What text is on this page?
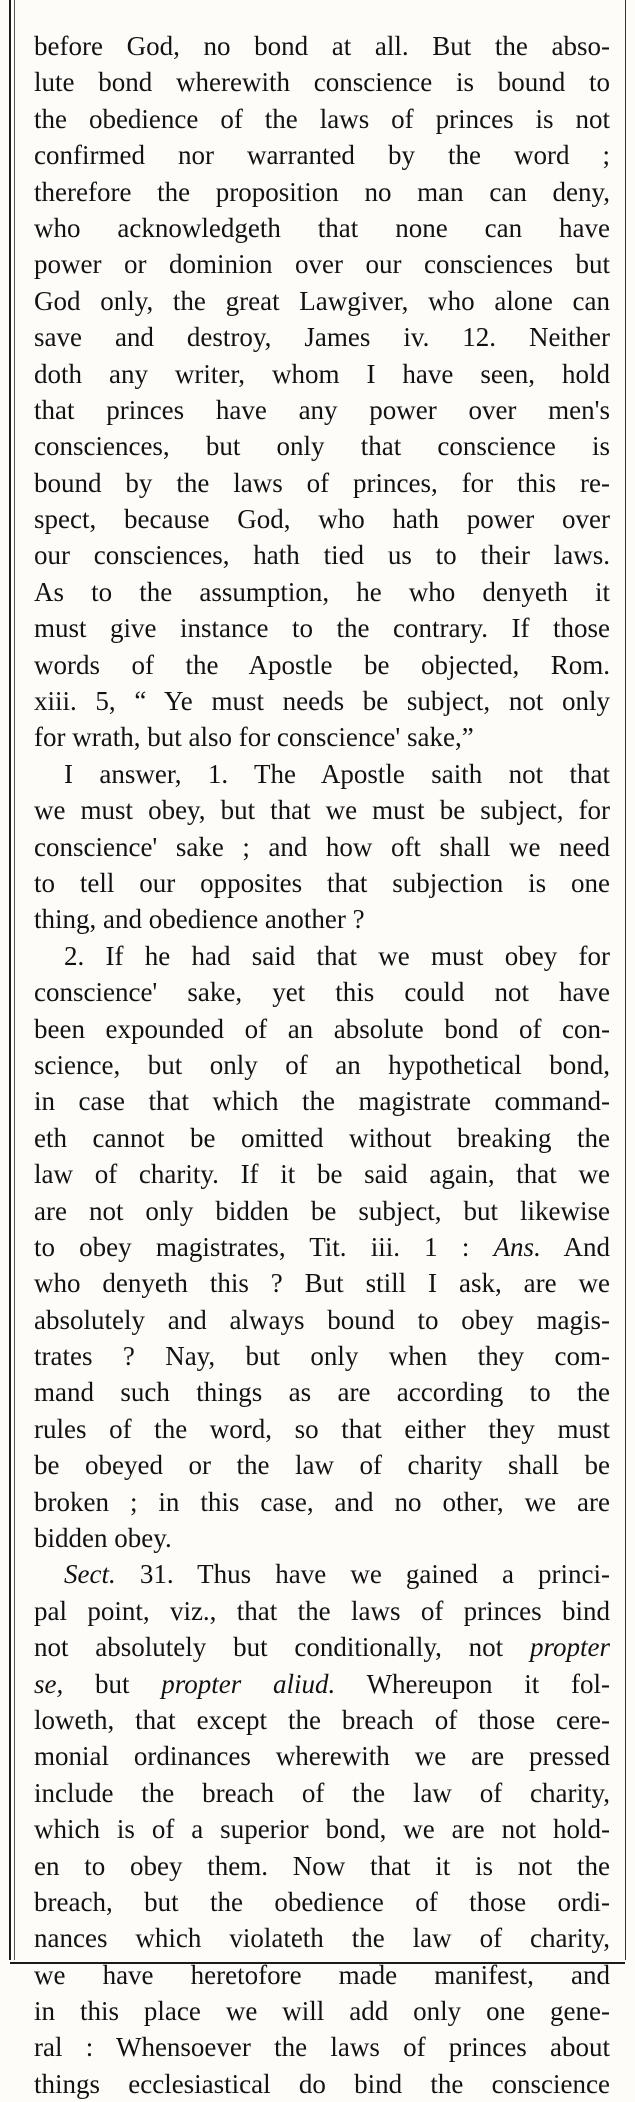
before God, no bond at all. But the abso-
lute bond wherewith conscience is bound to
the obedience of the laws of princes is not
confirmed nor warranted by the word ;
therefore the proposition no man can deny,
who acknowledgeth that none can have
power or dominion over our consciences but
God only, the great Lawgiver, who alone can
save and destroy, James iv. 12. Neither
doth any writer, whom I have seen, hold
that princes have any power over men's
consciences, but only that conscience is
bound by the laws of princes, for this re-
spect, because God, who hath power over
our consciences, hath tied us to their laws.
As to the assumption, he who denyeth it
must give instance to the contrary. If those
words of the Apostle be objected, Rom.
xiii. 5, “ Ye must needs be subject, not only
for wrath, but also for conscience' sake,”
I answer, 1. The Apostle saith not that
we must obey, but that we must be subject, for
conscience' sake ; and how oft shall we need
to tell our opposites that subjection is one
thing, and obedience another ?
2. If he had said that we must obey for
conscience' sake, yet this could not have
been expounded of an absolute bond of con-
science, but only of an hypothetical bond,
in case that which the magistrate command-
eth cannot be omitted without breaking the
law of charity. If it be said again, that we
are not only bidden be subject, but likewise
to obey magistrates, Tit. iii. 1 : Ans. And
who denyeth this ? But still I ask, are we
absolutely and always bound to obey magis-
trates ? Nay, but only when they com-
mand such things as are according to the
rules of the word, so that either they must
be obeyed or the law of charity shall be
broken ; in this case, and no other, we are
bidden obey.
Sect. 31. Thus have we gained a princi-
pal point, viz., that the laws of princes bind
not absolutely but conditionally, not propter
se, but propter aliud. Whereupon it fol-
loweth, that except the breach of those cere-
monial ordinances wherewith we are pressed
include the breach of the law of charity,
which is of a superior bond, we are not hold-
en to obey them. Now that it is not the
breach, but the obedience of those ordi-
nances which violateth the law of charity,
we have heretofore made manifest, and
in this place we will add only one gene-
ral : Whensoever the laws of princes about
things ecclesiastical do bind the conscience
